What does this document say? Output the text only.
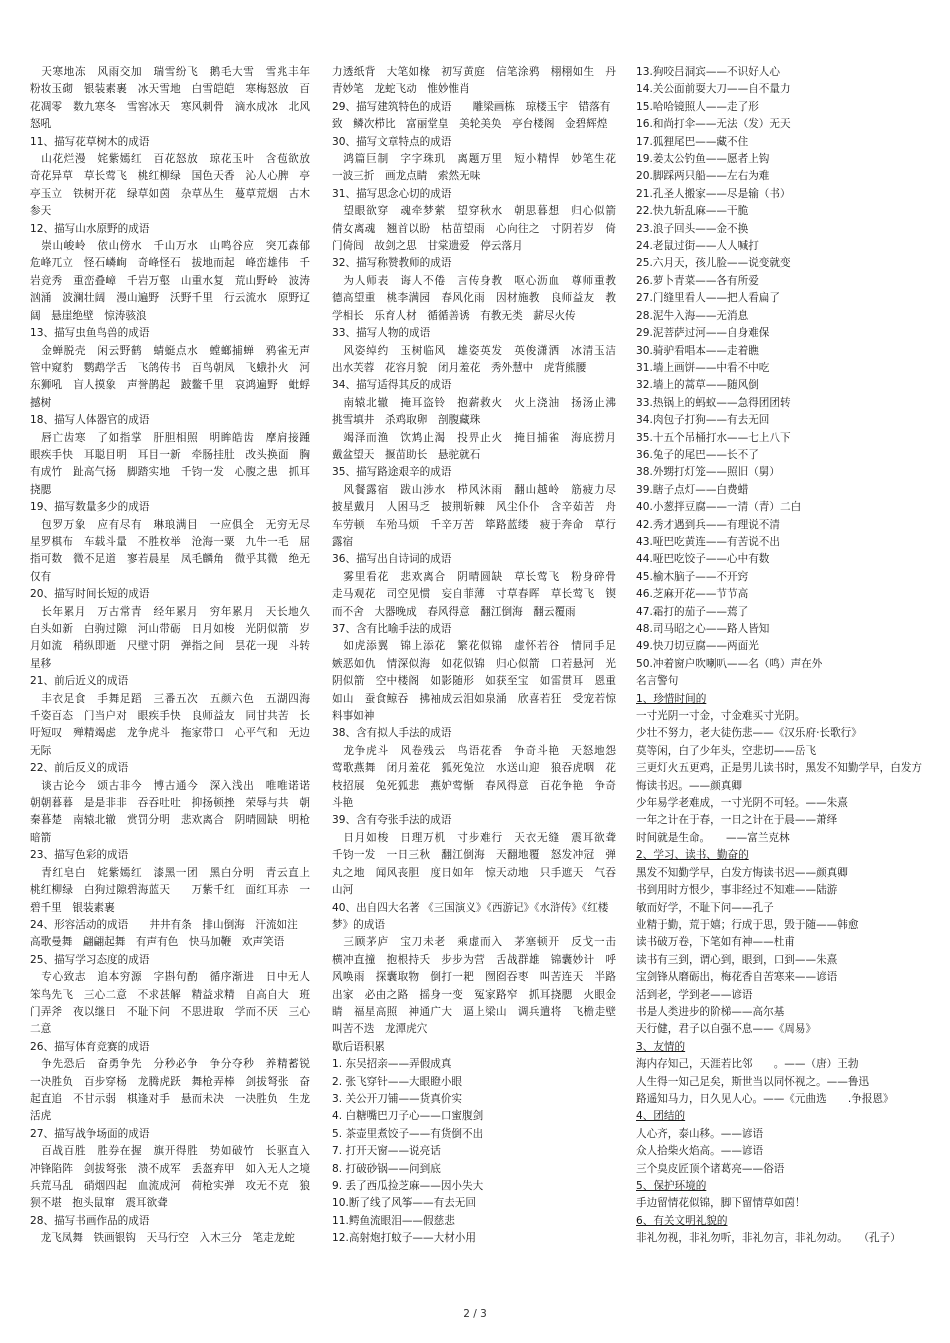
　天寒地冻　风雨交加　瑞雪纷飞　鹅毛大雪　雪兆丰年　粉妆玉砌　银装素裹　冰天雪地　白雪皑皑　寒梅怒放　百花凋零　数九寒冬　雪窖冰天　寒风刺骨　滴水成冰　北风怒吼

11、描写花草树木的成语

　山花烂漫　姹紫嫣红　百花怒放　琼花玉叶　含苞欲放　奇花异草　草长莺飞　桃红柳绿　国色天香　沁人心脾　亭亭玉立　铁树开花　绿草如茵　杂草丛生　蔓草荒烟　古木参天

12、描写山水原野的成语

　崇山峻岭　依山傍水　千山万水　山鸣谷应　突兀森郁　危峰兀立　怪石嶙峋　奇峰怪石　拔地而起　峰峦雄伟　千岩竞秀　重峦叠嶂　千岩万壑　山重水复　荒山野岭　波涛汹涌　波澜壮阔　漫山遍野　沃野千里　行云流水　原野辽阔　悬崖绝壁　惊涛骇浪

13、描写虫鱼鸟兽的成语

　金蝉脱壳　闲云野鹤　蜻蜓点水　螳螂捕蝉　鸦雀无声　管中窥豹　鹦鹉学舌　飞鸽传书　百鸟朝凤　飞蛾扑火　河东狮吼　盲人摸象　声誉鹊起　跛鳖千里　哀鸿遍野　蚍蜉撼树

18、描写人体器官的成语

　唇亡齿寒　了如指掌　肝胆相照　明眸皓齿　摩肩接踵　眼疾手快　耳聪目明　耳目一新　牵肠挂肚　改头换面　胸有成竹　趾高气扬　脚踏实地　千钧一发　心腹之患　抓耳挠腮

19、描写数量多少的成语

　包罗万象　应有尽有　琳琅满目　一应俱全　无穷无尽　星罗棋布　车载斗量　不胜枚举　沧海一粟　九牛一毛　屈指可数　微不足道　寥若晨星　凤毛麟角　微乎其微　绝无仅有

20、描写时间长短的成语

　长年累月　万古常青　经年累月　穷年累月　天长地久　白头如新　白驹过隙　河山带砺　日月如梭　光阴似箭　岁月如流　稍纵即逝　尺壁寸阴　弹指之间　昙花一现　斗转星移

21、前后近义的成语

　丰衣足食　手舞足蹈　三番五次　五颜六色　五湖四海　千姿百态　门当户对　眼疾手快　良师益友　同甘共苦　长吁短叹　殚精竭虑　龙争虎斗　拖家带口　心平气和　无边无际

22、前后反义的成语

　谈古论今　颂古非今　博古通今　深入浅出　唯唯诺诺　朝朝暮暮　是是非非　吞吞吐吐　抑扬顿挫　荣辱与共　朝秦暮楚　南辕北辙　赏罚分明　悲欢离合　阴晴圆缺　明枪暗箭

23、描写色彩的成语

　青红皂白　姹紫嫣红　漆黑一团　黑白分明　青云直上　桃红柳绿　白狗过隙碧海蓝天　　万紫千红　面红耳赤　一碧千里　银装素裹

24、形容活动的成语　　井井有条　排山倒海　汗流如注　高歌曼舞　翩翩起舞　有声有色　快马加鞭　欢声笑语

25、描写学习态度的成语

　专心致志　追本穷源　字斟句酌　循序渐进　日中无人　笨鸟先飞　三心二意　不求甚解　精益求精　自高自大　班门弄斧　夜以继日　不耻下问　不思进取　学而不厌　三心二意

26、描写体育竞赛的成语

　争先恐后　奋勇争先　分秒必争　争分夺秒　养精蓄锐　一决胜负　百步穿杨　龙腾虎跃　舞枪弄棒　剑拔弩张　奋起直追　不甘示弱　棋逢对手　悬而未决　一决胜负　生龙活虎

27、描写战争场面的成语

　百战百胜　胜券在握　旗开得胜　势如破竹　长驱直入　冲锋陷阵　剑拔弩张　溃不成军　丢盔弃甲　如入无人之境　兵荒马乱　硝烟四起　血流成河　荷枪实弹　攻无不克　狼狈不堪　抱头鼠窜　震耳欲聋

28、描写书画作品的成语

　龙飞凤舞　铁画银钩　天马行空　入木三分　笔走龙蛇

力透纸背　大笔如椽　初写黄庭　信笔涂鸦　栩栩如生　丹青妙笔　龙蛇飞动　惟妙惟肖

29、描写建筑特色的成语　　雕梁画栋　琼楼玉宇　错落有致　鳞次栉比　富丽堂皇　美轮美奂　亭台楼阁　金碧辉煌

30、描写文章特点的成语

　鸿篇巨制　字字珠玑　离题万里　短小精悍　妙笔生花　一波三折　画龙点睛　索然无味

31、描写思念心切的成语

　望眼欲穿　魂牵梦萦　望穿秋水　朝思暮想　归心似箭　倩女离魂　翘首以盼　枯苗望雨　心向往之　寸阴若岁　倚门倚闾　故剑之思　甘棠遗爱　停云落月

32、描写称赞教师的成语

　为人师表　诲人不倦　言传身教　呕心沥血　尊师重教　德高望重　桃李满园　春风化雨　因材施教　良师益友　教学相长　乐育人材　循循善诱　有教无类　薪尽火传

33、描写人物的成语

　风姿绰约　玉树临风　雄姿英发　英俊潇洒　冰清玉洁　出水芙蓉　花容月貌　闭月羞花　秀外慧中　虎背熊腰

34、描写适得其反的成语

　南辕北辙　掩耳盗铃　抱薪救火　火上浇油　扬汤止沸　挑雪填井　杀鸡取卵　剖腹藏珠

　竭泽而渔　饮鸩止渴　投畀止火　掩目捕雀　海底捞月　戴盆望天　揠苗助长　悬驼就石

35、描写路途艰辛的成语

　风餐露宿　跋山涉水　栉风沐雨　翻山越岭　筋疲力尽　披星戴月　人困马乏　披荆斩棘　风尘仆仆　含辛茹苦　舟车劳顿　车殆马烦　千辛万苦　筚路蓝缕　疲于奔命　草行露宿

36、描写出自诗词的成语

　雾里看花　悲欢离合　阴晴圆缺　草长莺飞　粉身碎骨　走马观花　司空见惯　妄自菲薄　寸草春晖　草长莺飞　锲而不舍　大器晚成　春风得意　翻江倒海　翻云覆雨

37、含有比喻手法的成语

　如虎添翼　锦上添花　繁花似锦　虚怀若谷　情同手足　嫉恶如仇　情深似海　如花似锦　归心似箭　口若悬河　光阴似箭　空中楼阁　如影随形　如获至宝　如雷贯耳　恩重如山　蚕食鲸吞　拂袖成云泪如泉涌　欣喜若狂　受宠若惊　料事如神

38、含有拟人手法的成语

　龙争虎斗　风卷残云　鸟语花香　争奇斗艳　天怒地怨　莺歌燕舞　闭月羞花　狐死兔泣　水送山迎　狼吞虎咽　花枝招展　兔死狐悲　燕妒莺惭　春风得意　百花争艳　争奇斗艳

39、含有夸张手法的成语

　日月如梭　日理万机　寸步难行　天衣无缝　震耳欲聋　千钧一发　一日三秋　翻江倒海　天翻地覆　怒发冲冠　弹丸之地　闻风丧胆　度日如年　惊天动地　只手遮天　气吞山河

40、出自四大名著 《三国演义》《西游记》《水浒传》《红楼梦》的成语

　三顾茅庐　宝刀未老　乘虚而入　茅塞顿开　反戈一击　横冲直撞　抱根持夭　步步为营　舌战群雄　锦囊妙计　呼风唤雨　探囊取物　倒打一耙　囫囵吞枣　叫苦连天　半路出家　必由之路　摇身一变　冤家路窄　抓耳挠腮　火眼金睛　福星高照　神通广大　逼上梁山　调兵遣将　飞檐走壁　叫苦不迭　龙潭虎穴

歇后语积累

1. 东吴招亲——弄假成真

2. 张飞穿针——大眼瞪小眼

3. 关公开刀铺——货真价实

4. 白糖嘴巴刀子心——口蜜腹剑

5. 茶壶里煮饺子——有货倒不出

7. 打开天窗——说亮话

8. 打破砂锅——问到底

9. 丢了西瓜捡芝麻——因小失大

10.断了线了风筝——有去无回

11.鳄鱼流眼泪——假慈悲

12.高射炮打蚊子——大材小用

13.狗咬吕洞宾——不识好人心

14.关公面前耍大刀——自不量力

15.哈哈镜照人——走了形

16.和尚打伞——无法（发）无天

17.狐狸尾巴——藏不住

19.姜太公钓鱼——愿者上钩

20.脚踩两只船——左右为难

21.孔圣人搬家——尽是输（书）

22.快九斩乱麻——干脆

23.浪子回头——金不换

24.老鼠过街——人人喊打

25.六月天，孩儿脸——说变就变

26.萝卜青菜——各有所爱

27.门缝里看人——把人看扁了

28.泥牛入海——无消息

29.泥菩萨过河——自身难保

30.骑驴看唱本——走着瞧

31.墙上画饼——中看不中吃

32.墙上的蒿草——随风倒

33.热锅上的蚂蚁——急得团团转

34.肉包子打狗——有去无回

35.十五个吊桶打水——七上八下

36.兔子的尾巴——长不了

38.外甥打灯笼——照旧（舅）

39.瞎子点灯——白费蜡

40.小葱拌豆腐——一清（青）二白

42.秀才遇到兵——有理说不清

43.哑巴吃黄连——有苦说不出

44.哑巴吃饺子——心中有数

45.榆木脑子——不开窍

46.芝麻开花——节节高

47.霜打的茄子——蔫了

48.司马昭之心——路人皆知

49.快刀切豆腐——两面光

50.冲着窗户吹喇叭——名（鸣）声在外

名言警句

1、珍惜时间的

一寸光阴一寸金，寸金难买寸光阴。

少壮不努力，老大徒伤悲——《汉乐府·长歌行》

莫等闲，白了少年头，空悲切——岳飞

三更灯火五更鸡，正是男儿读书时，黑发不知勤学早，白发方悔读书迟。——颜真卿

少年易学老难成，一寸光阴不可轻。——朱熹

一年之计在于春，一日之计在于晨——萧绎

时间就是生命。　　——富兰克林

2、学习、读书、勤奋的

黑发不知勤学早，白发方悔读书迟——颜真卿

书到用时方恨少，事非经过不知难——陆游

敏而好学，不耻下问——孔子

业精于勤，荒于嬉；行成于思，毁于随——韩愈

读书破万卷，下笔如有神——杜甫

读书有三到，谓心到，眼到，口到——朱熹

宝剑锋从磨砺出，梅花香自苦寒来——谚语

活到老，学到老——谚语

书是人类进步的阶梯——高尔基

天行健，君子以自强不息——《周易》

3、友情的

海内存知己，天涯若比邻　　。——（唐）王勃

人生得一知己足矣，斯世当以同怀视之。——鲁迅

路遥知马力，日久见人心。——《元曲选　　.争报恩》

4、团结的

人心齐，泰山移。——谚语

众人拾柴火焰高。——谚语

三个臭皮匠顶个诸葛亮——俗语

5、保护环境的

手边留情花似锦，脚下留情草如茵！

6、有关文明礼貌的

非礼勿视，非礼勿听，非礼勿言，非礼勿动。　　（孔子）

2 / 3
